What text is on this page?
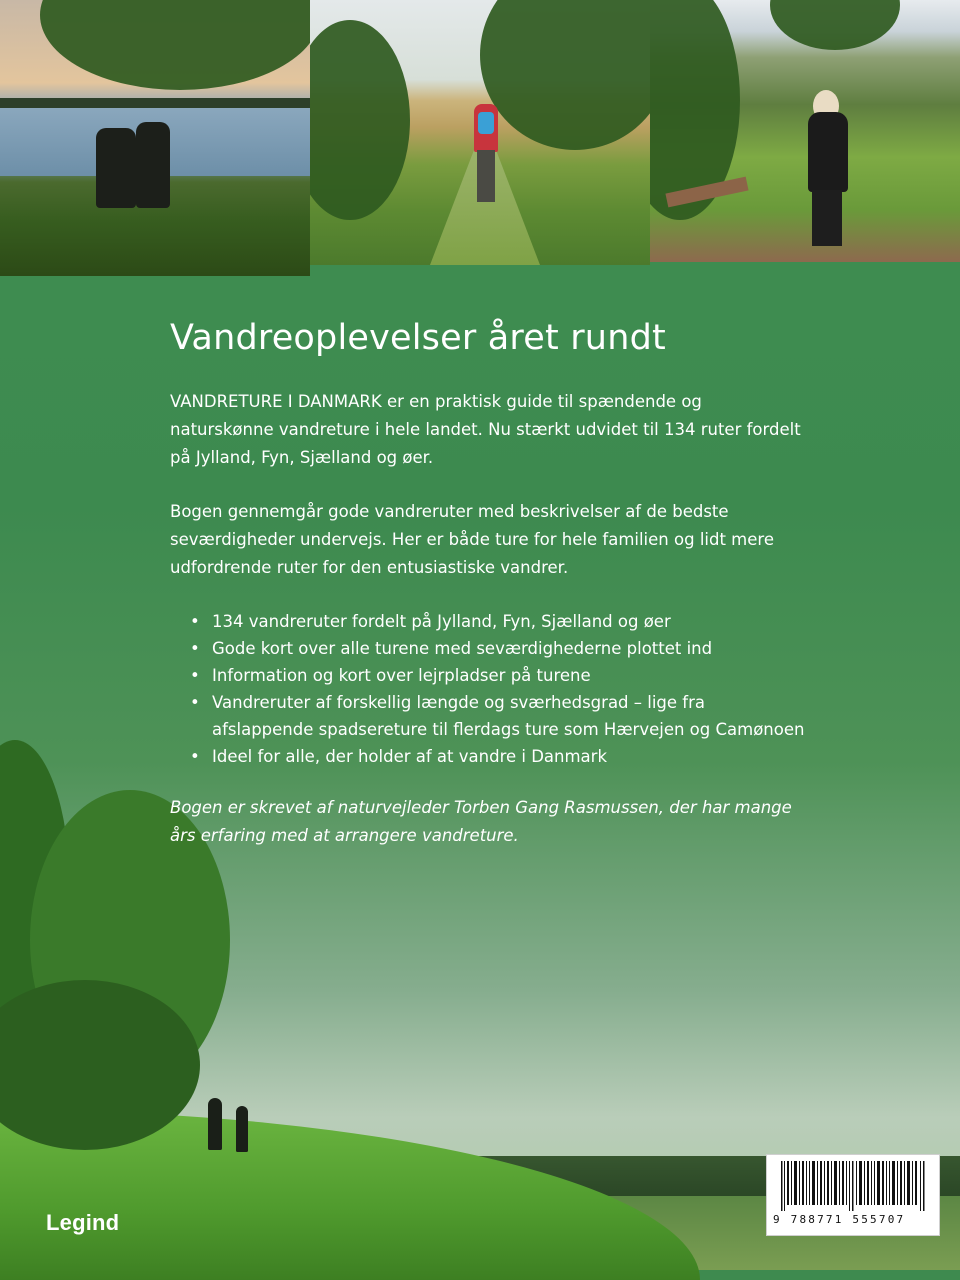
Vandreoplevelser året rundt

VANDRETURE I DANMARK er en praktisk guide til spændende og naturskønne vandreture i hele landet. Nu stærkt udvidet til 134 ruter fordelt på Jylland, Fyn, Sjælland og øer.

Bogen gennemgår gode vandreruter med beskrivelser af de bedste seværdigheder undervejs. Her er både ture for hele familien og lidt mere udfordrende ruter for den entusiastiske vandrer.

• 134 vandreruter fordelt på Jylland, Fyn, Sjælland og øer
• Gode kort over alle turene med seværdighederne plottet ind
• Information og kort over lejrpladser på turene
• Vandreruter af forskellig længde og sværhedsgrad – lige fra afslappende spadsereture til flerdags ture som Hærvejen og Camønoen
• Ideel for alle, der holder af at vandre i Danmark

Bogen er skrevet af naturvejleder Torben Gang Rasmussen, der har mange års erfaring med at arrangere vandreture.

Legind	9 788771 555707
